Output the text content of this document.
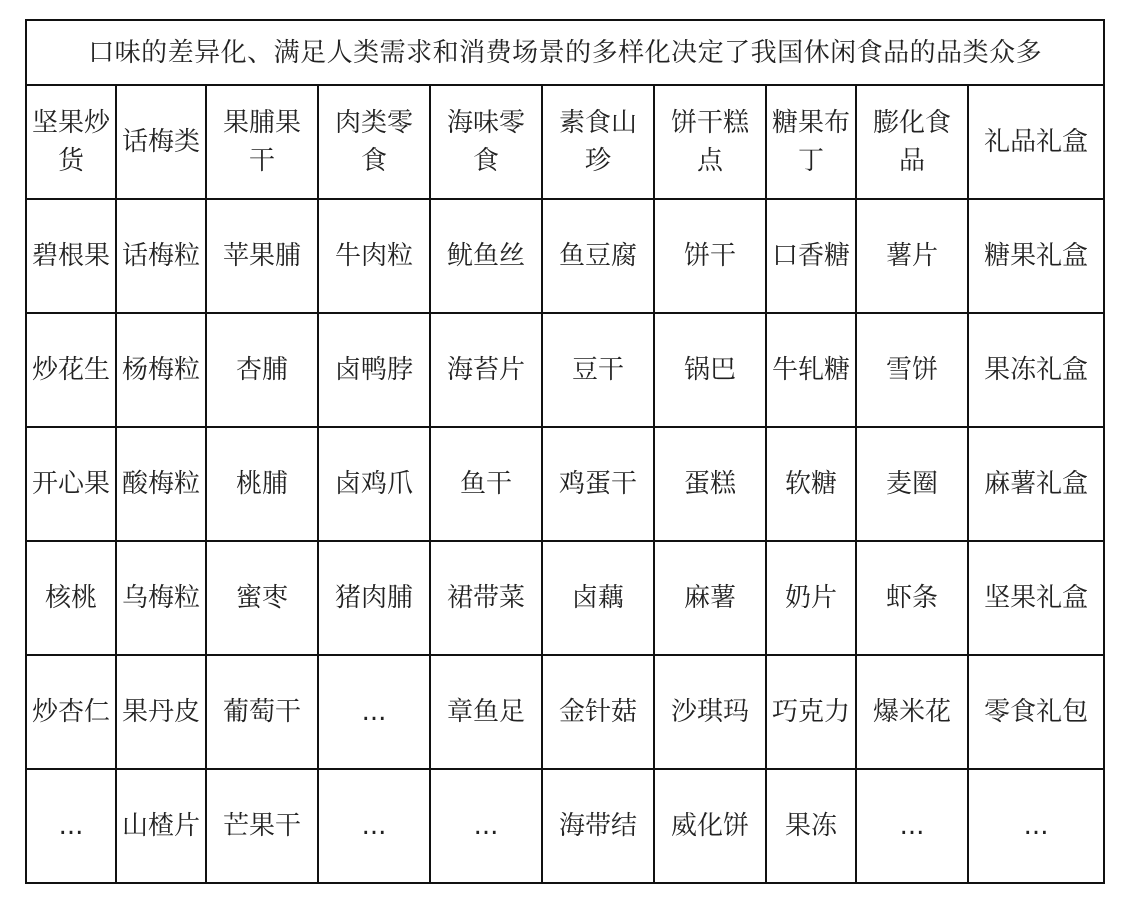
口味的差异化、满足人类需求和消费场景的多样化决定了我国休闲食品的品类众多									
坚果炒货	话梅类	果脯果干	肉类零食	海味零食	素食山珍	饼干糕点	糖果布丁	膨化食品	礼品礼盒
碧根果	话梅粒	苹果脯	牛肉粒	鱿鱼丝	鱼豆腐	饼干	口香糖	薯片	糖果礼盒
炒花生	杨梅粒	杏脯	卤鸭脖	海苔片	豆干	锅巴	牛轧糖	雪饼	果冻礼盒
开心果	酸梅粒	桃脯	卤鸡爪	鱼干	鸡蛋干	蛋糕	软糖	麦圈	麻薯礼盒
核桃	乌梅粒	蜜枣	猪肉脯	裙带菜	卤藕	麻薯	奶片	虾条	坚果礼盒
炒杏仁	果丹皮	葡萄干	...	章鱼足	金针菇	沙琪玛	巧克力	爆米花	零食礼包
...	山楂片	芒果干	...	...	海带结	威化饼	果冻	...	...
